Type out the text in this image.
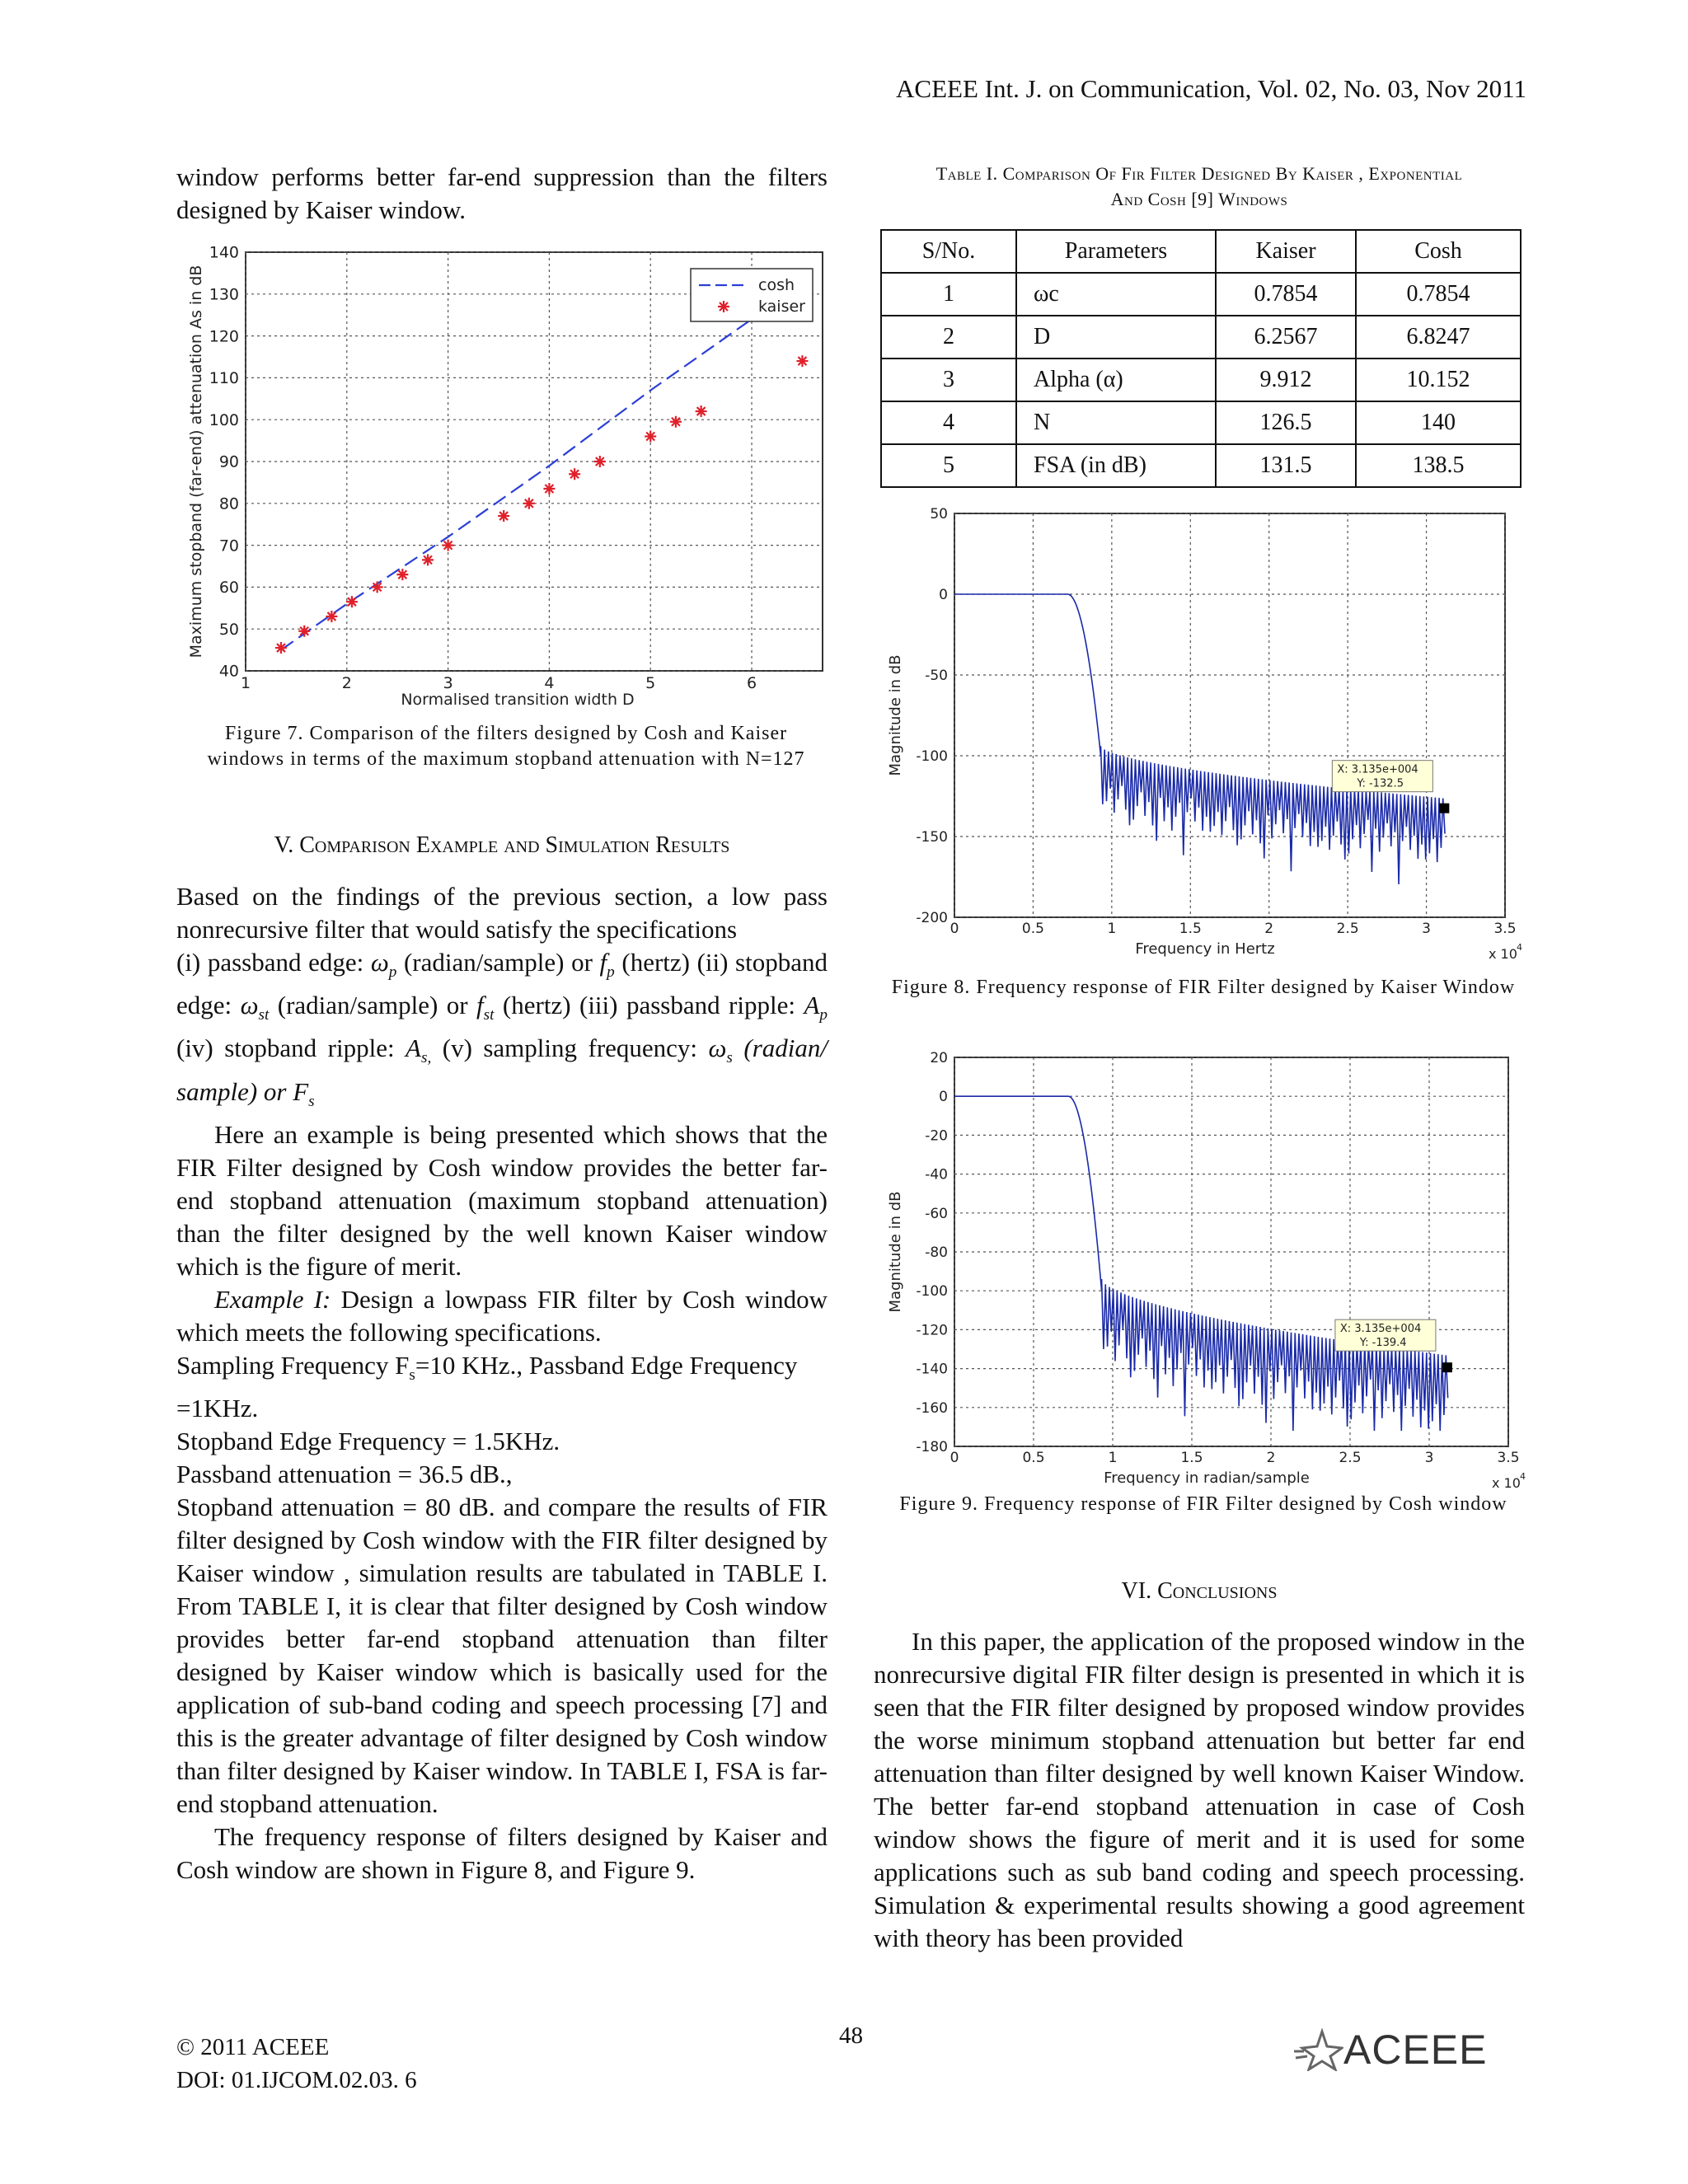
ACEEE Int. J. on Communication, Vol. 02, No. 03, Nov 2011

window performs better far-end suppression than the filters designed by Kaiser window.

1	2	3	4	5	6
40
50
60
70
80
90
100
110
120
130
140
Normalised transition width D
Maximum stopband (far-end) attenuation As in dB	cosh
kaiser
Figure 7. Comparison of the filters designed by Cosh and Kaiser windows in terms of the maximum stopband attenuation with N=127
V. Comparison Example and Simulation Results

Based on the findings of the previous section, a low pass nonrecursive filter that would satisfy the specifications

(i) passband edge: $\omega_p$ (radian/sample) or $f_p$ (hertz) (ii) stopband edge: $\omega_{st}$ (radian/sample) or $f_{st}$ (hertz) (iii) passband ripple: $A_p$ (iv) stopband ripple: $A_{s,}$ (v) sampling frequency: $\omega_s$ (radian/ sample) or $F_s$

Here an example is being presented which shows that the FIR Filter designed by Cosh window provides the better far-end stopband attenuation (maximum stopband attenuation) than the filter designed by the well known Kaiser window which is the figure of merit.

Example I: Design a lowpass FIR filter by Cosh window which meets the following specifications.

Sampling Frequency $F_s=10$ KHz., Passband Edge Frequency =1KHz.

Stopband Edge Frequency = 1.5KHz.

Passband attenuation = 36.5 dB.,

Stopband attenuation = 80 dB. and compare the results of FIR filter designed by Cosh window with the FIR filter designed by Kaiser window , simulation results are tabulated in TABLE I. From TABLE I, it is clear that filter designed by Cosh window provides better far-end stopband attenuation than filter designed by Kaiser window which is basically used for the application of sub-band coding and speech processing [7] and this is the greater advantage of filter designed by Cosh window than filter designed by Kaiser window. In TABLE I, FSA is far-end stopband attenuation.

The frequency response of filters designed by Kaiser and Cosh window are shown in Figure 8, and Figure 9.

Table I. Comparison Of Fir Filter Designed By Kaiser , Exponential
And Cosh [9] Windows
S/No.	Parameters	Kaiser	Cosh
1	ωc	0.7854	0.7854
2	D	6.2567	6.8247
3	Alpha (α)	9.912	10.152
4	N	126.5	140
5	FSA (in dB)	131.5	138.5
0	0.5	1	1.5	2	2.5	3	3.5
-200
-150
-100
-50
0
50
Frequency in Hertz
Magnitude in dB
x 10 4
X: 3.135e+004
Y: -132.5
Figure 8. Frequency response of FIR Filter designed by Kaiser Window
0	0.5	1	1.5	2	2.5	3	3.5
-180
-160
-140
-120
-100
-80
-60
-40
-20
0
20
Frequency in radian/sample
Magnitude in dB
x 10 4
X: 3.135e+004
Y: -139.4
Figure 9. Frequency response of FIR Filter designed by Cosh window
VI. Conclusions

In this paper, the application of the proposed window in the nonrecursive digital FIR filter design is presented in which it is seen that the FIR filter designed by proposed window provides the worse minimum stopband attenuation but better far end attenuation than filter designed by well known Kaiser Window. The better far-end stopband attenuation in case of Cosh window shows the figure of merit and it is used for some applications such as sub band coding and speech processing. Simulation & experimental results showing a good agreement with theory has been provided

© 2011 ACEEE
DOI: 01.IJCOM.02.03. 6
48	ACEEE
